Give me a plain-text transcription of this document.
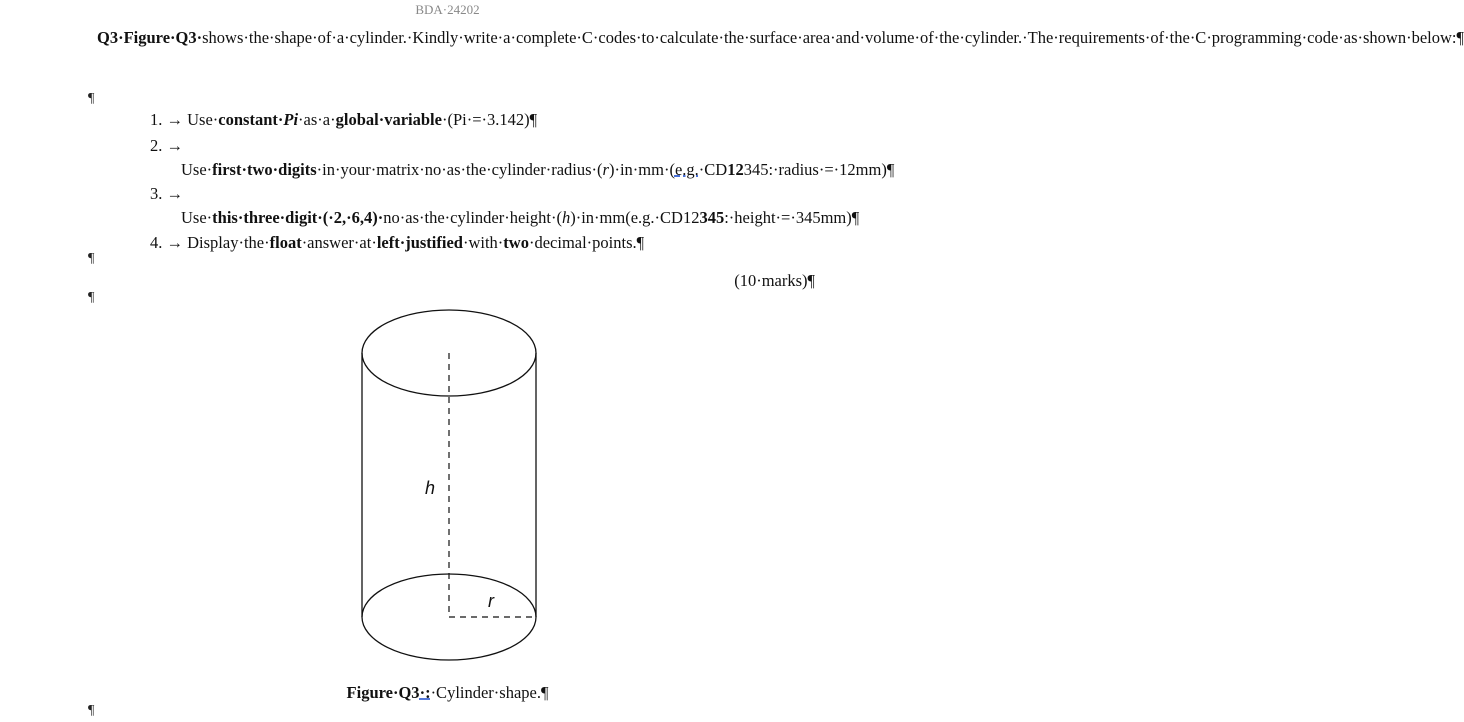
BDA·24202
Q3·Figure·Q3·shows·the·shape·of·a·cylinder.·Kindly·write·a·complete·C·codes·to·calculate·the·surface·area·and·volume·of·the·cylinder.·The·requirements·of·the·C·programming·code·as·shown·below:¶
¶
1. → Use·constant·Pi·as·a·global·variable·(Pi·=·3.142)¶
2. → Use·first·two·digits·in·your·matrix·no·as·the·cylinder·radius·(r)·in·mm·(e.g.·CD12345:·radius·=·12mm)¶
3. → Use·this·three·digit·(·2,·6,4)·no·as·the·cylinder·height·(h)·in·mm(e.g.·CD12345:·height·=·345mm)¶
4. → Display·the·float·answer·at·left·justified·with·two·decimal·points.¶
¶
(10·marks)¶
¶
h
r
Figure·Q3·:·Cylinder·shape.¶
¶
